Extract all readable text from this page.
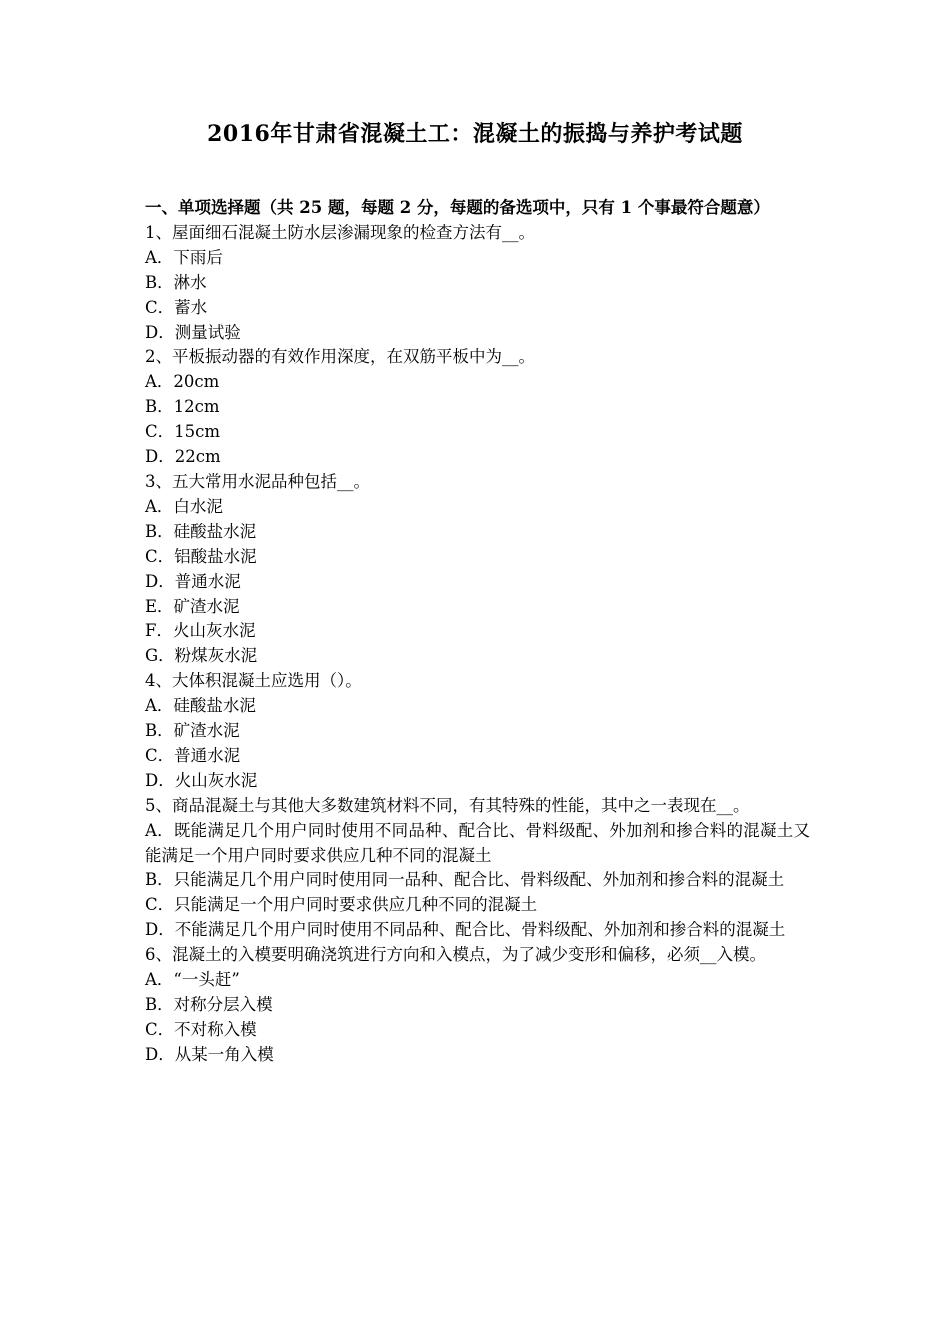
2016年甘肃省混凝土工：混凝土的振捣与养护考试题

一、单项选择题（共 25 题，每题 2 分，每题的备选项中，只有 1 个事最符合题意）

1、屋面细石混凝土防水层渗漏现象的检查方法有__。

A．下雨后

B．淋水

C．蓄水

D．测量试验

2、平板振动器的有效作用深度，在双筋平板中为__。

A．20cm

B．12cm

C．15cm

D．22cm

3、五大常用水泥品种包括__。

A．白水泥

B．硅酸盐水泥

C．铝酸盐水泥

D．普通水泥

E．矿渣水泥

F．火山灰水泥

G．粉煤灰水泥

4、大体积混凝土应选用（）。

A．硅酸盐水泥

B．矿渣水泥

C．普通水泥

D．火山灰水泥

5、商品混凝土与其他大多数建筑材料不同，有其特殊的性能，其中之一表现在__。

A．既能满足几个用户同时使用不同品种、配合比、骨料级配、外加剂和掺合料的混凝土又能满足一个用户同时要求供应几种不同的混凝土

B．只能满足几个用户同时使用同一品种、配合比、骨料级配、外加剂和掺合料的混凝土

C．只能满足一个用户同时要求供应几种不同的混凝土

D．不能满足几个用户同时使用不同品种、配合比、骨料级配、外加剂和掺合料的混凝土

6、混凝土的入模要明确浇筑进行方向和入模点，为了减少变形和偏移，必须__入模。

A．“一头赶”

B．对称分层入模

C．不对称入模

D．从某一角入模
